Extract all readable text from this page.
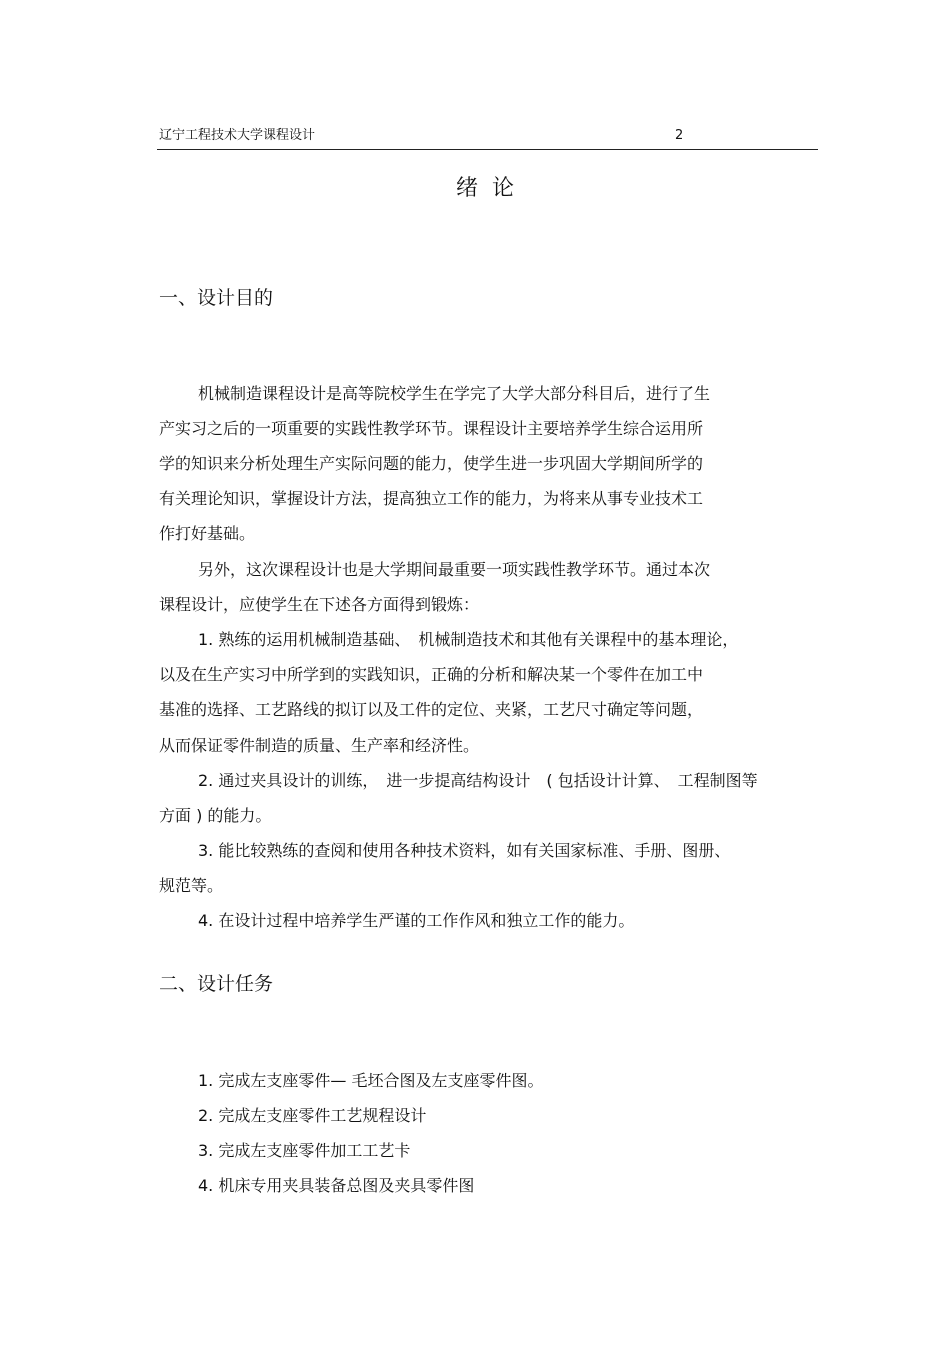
辽宁工程技术大学课程设计	2
绪论
一、设计目的
机械制造课程设计是高等院校学生在学完了大学大部分科目后，进行了生
产实习之后的一项重要的实践性教学环节。课程设计主要培养学生综合运用所
学的知识来分析处理生产实际问题的能力，使学生进一步巩固大学期间所学的
有关理论知识，掌握设计方法，提高独立工作的能力，为将来从事专业技术工
作打好基础。
另外，这次课程设计也是大学期间最重要一项实践性教学环节。通过本次
课程设计，应使学生在下述各方面得到锻炼：
1. 熟练的运用机械制造基础、　机械制造技术和其他有关课程中的基本理论，
以及在生产实习中所学到的实践知识，正确的分析和解决某一个零件在加工中
基准的选择、工艺路线的拟订以及工件的定位、夹紧，工艺尺寸确定等问题，
从而保证零件制造的质量、生产率和经济性。
2. 通过夹具设计的训练，　进一步提高结构设计　( 包括设计计算、　工程制图等
方面 ) 的能力。
3. 能比较熟练的查阅和使用各种技术资料，如有关国家标准、手册、图册、
规范等。
4. 在设计过程中培养学生严谨的工作作风和独立工作的能力。
二、设计任务
1. 完成左支座零件— 毛坯合图及左支座零件图。
2. 完成左支座零件工艺规程设计
3. 完成左支座零件加工工艺卡
4. 机床专用夹具装备总图及夹具零件图
